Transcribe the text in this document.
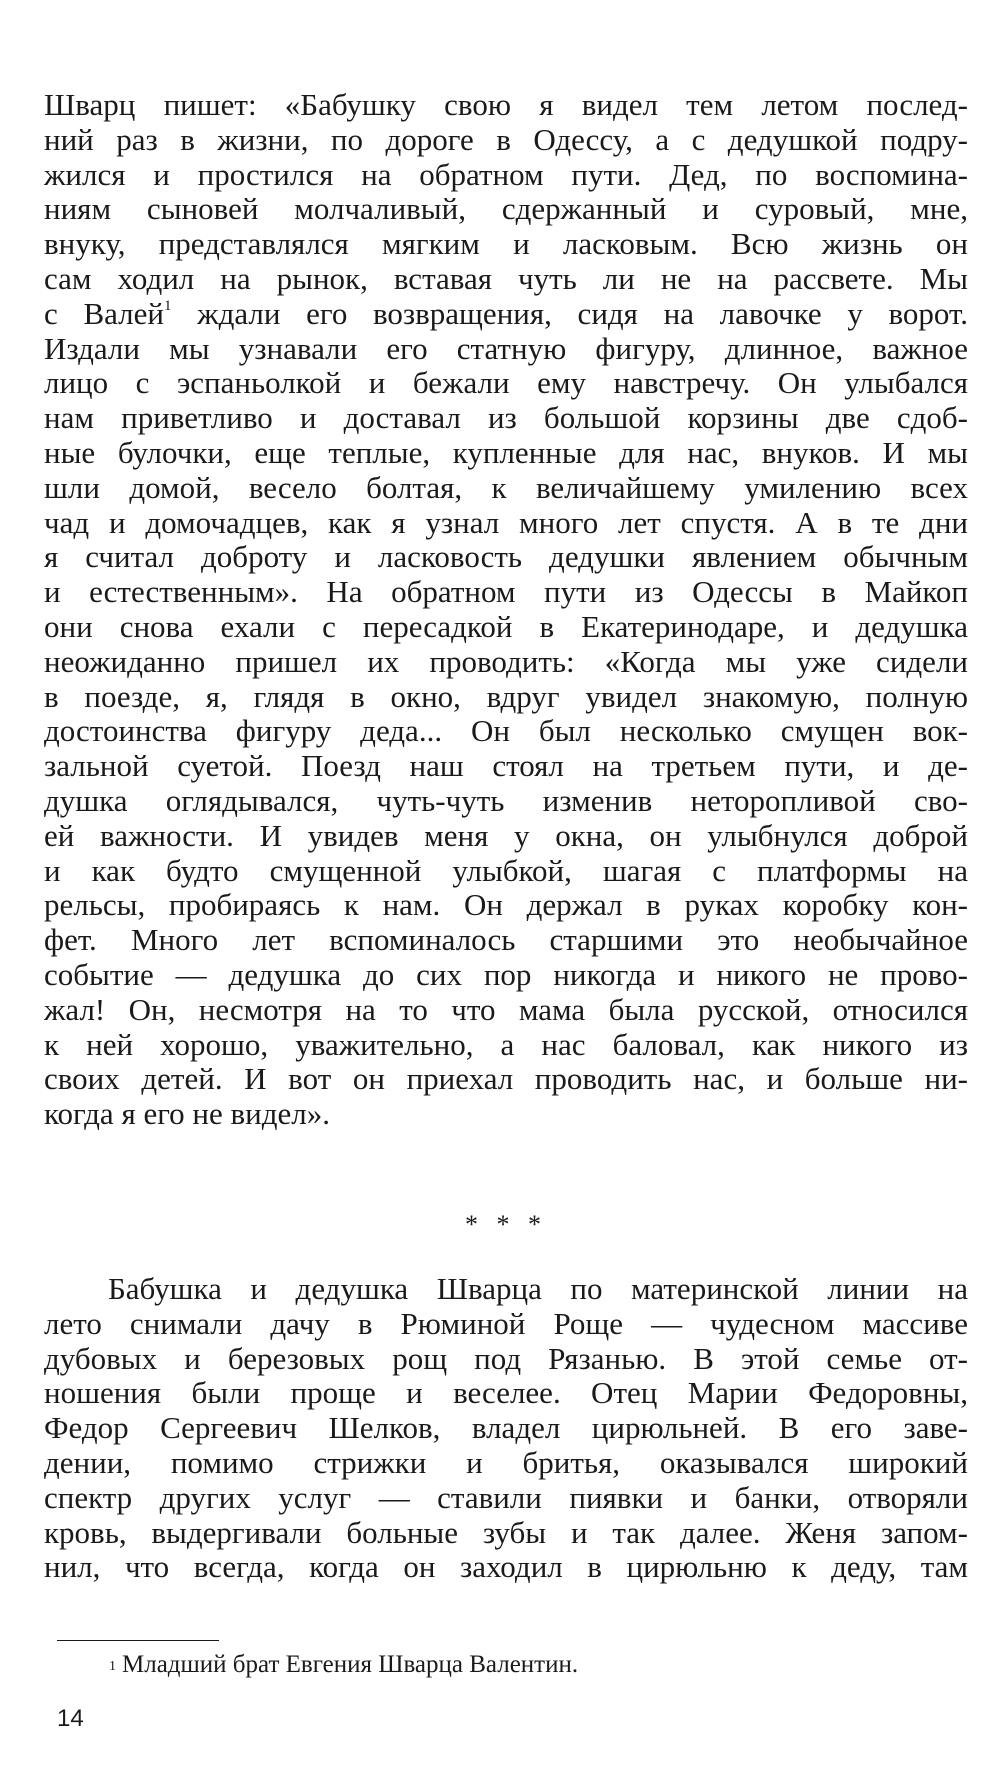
Шварц пишет: «Бабушку свою я видел тем летом послед-
ний раз в жизни, по дороге в Одессу, а с дедушкой подру-
жился и простился на обратном пути. Дед, по воспомина-
ниям сыновей молчаливый, сдержанный и суровый, мне,
внуку, представлялся мягким и ласковым. Всю жизнь он
сам ходил на рынок, вставая чуть ли не на рассвете. Мы
с Валей$^1$ ждали его возвращения, сидя на лавочке у ворот.
Издали мы узнавали его статную фигуру, длинное, важное
лицо с эспаньолкой и бежали ему навстречу. Он улыбался
нам приветливо и доставал из большой корзины две сдоб-
ные булочки, еще теплые, купленные для нас, внуков. И мы
шли домой, весело болтая, к величайшему умилению всех
чад и домочадцев, как я узнал много лет спустя. А в те дни
я считал доброту и ласковость дедушки явлением обычным
и естественным». На обратном пути из Одессы в Майкоп
они снова ехали с пересадкой в Екатеринодаре, и дедушка
неожиданно пришел их проводить: «Когда мы уже сидели
в поезде, я, глядя в окно, вдруг увидел знакомую, полную
достоинства фигуру деда... Он был несколько смущен вок-
зальной суетой. Поезд наш стоял на третьем пути, и де-
душка оглядывался, чуть-чуть изменив неторопливой сво-
ей важности. И увидев меня у окна, он улыбнулся доброй
и как будто смущенной улыбкой, шагая с платформы на
рельсы, пробираясь к нам. Он держал в руках коробку кон-
фет. Много лет вспоминалось старшими это необычайное
событие — дедушка до сих пор никогда и никого не прово-
жал! Он, несмотря на то что мама была русской, относился
к ней хорошо, уважительно, а нас баловал, как никого из
своих детей. И вот он приехал проводить нас, и больше ни-
когда я его не видел».
* * *
Бабушка и дедушка Шварца по материнской линии на
лето снимали дачу в Рюминой Роще — чудесном массиве
дубовых и березовых рощ под Рязанью. В этой семье от-
ношения были проще и веселее. Отец Марии Федоровны,
Федор Сергеевич Шелков, владел цирюльней. В его заве-
дении, помимо стрижки и бритья, оказывался широкий
спектр других услуг — ставили пиявки и банки, отворяли
кровь, выдергивали больные зубы и так далее. Женя запом-
нил, что всегда, когда он заходил в цирюльню к деду, там
$^1$ Младший брат Евгения Шварца Валентин.
14
